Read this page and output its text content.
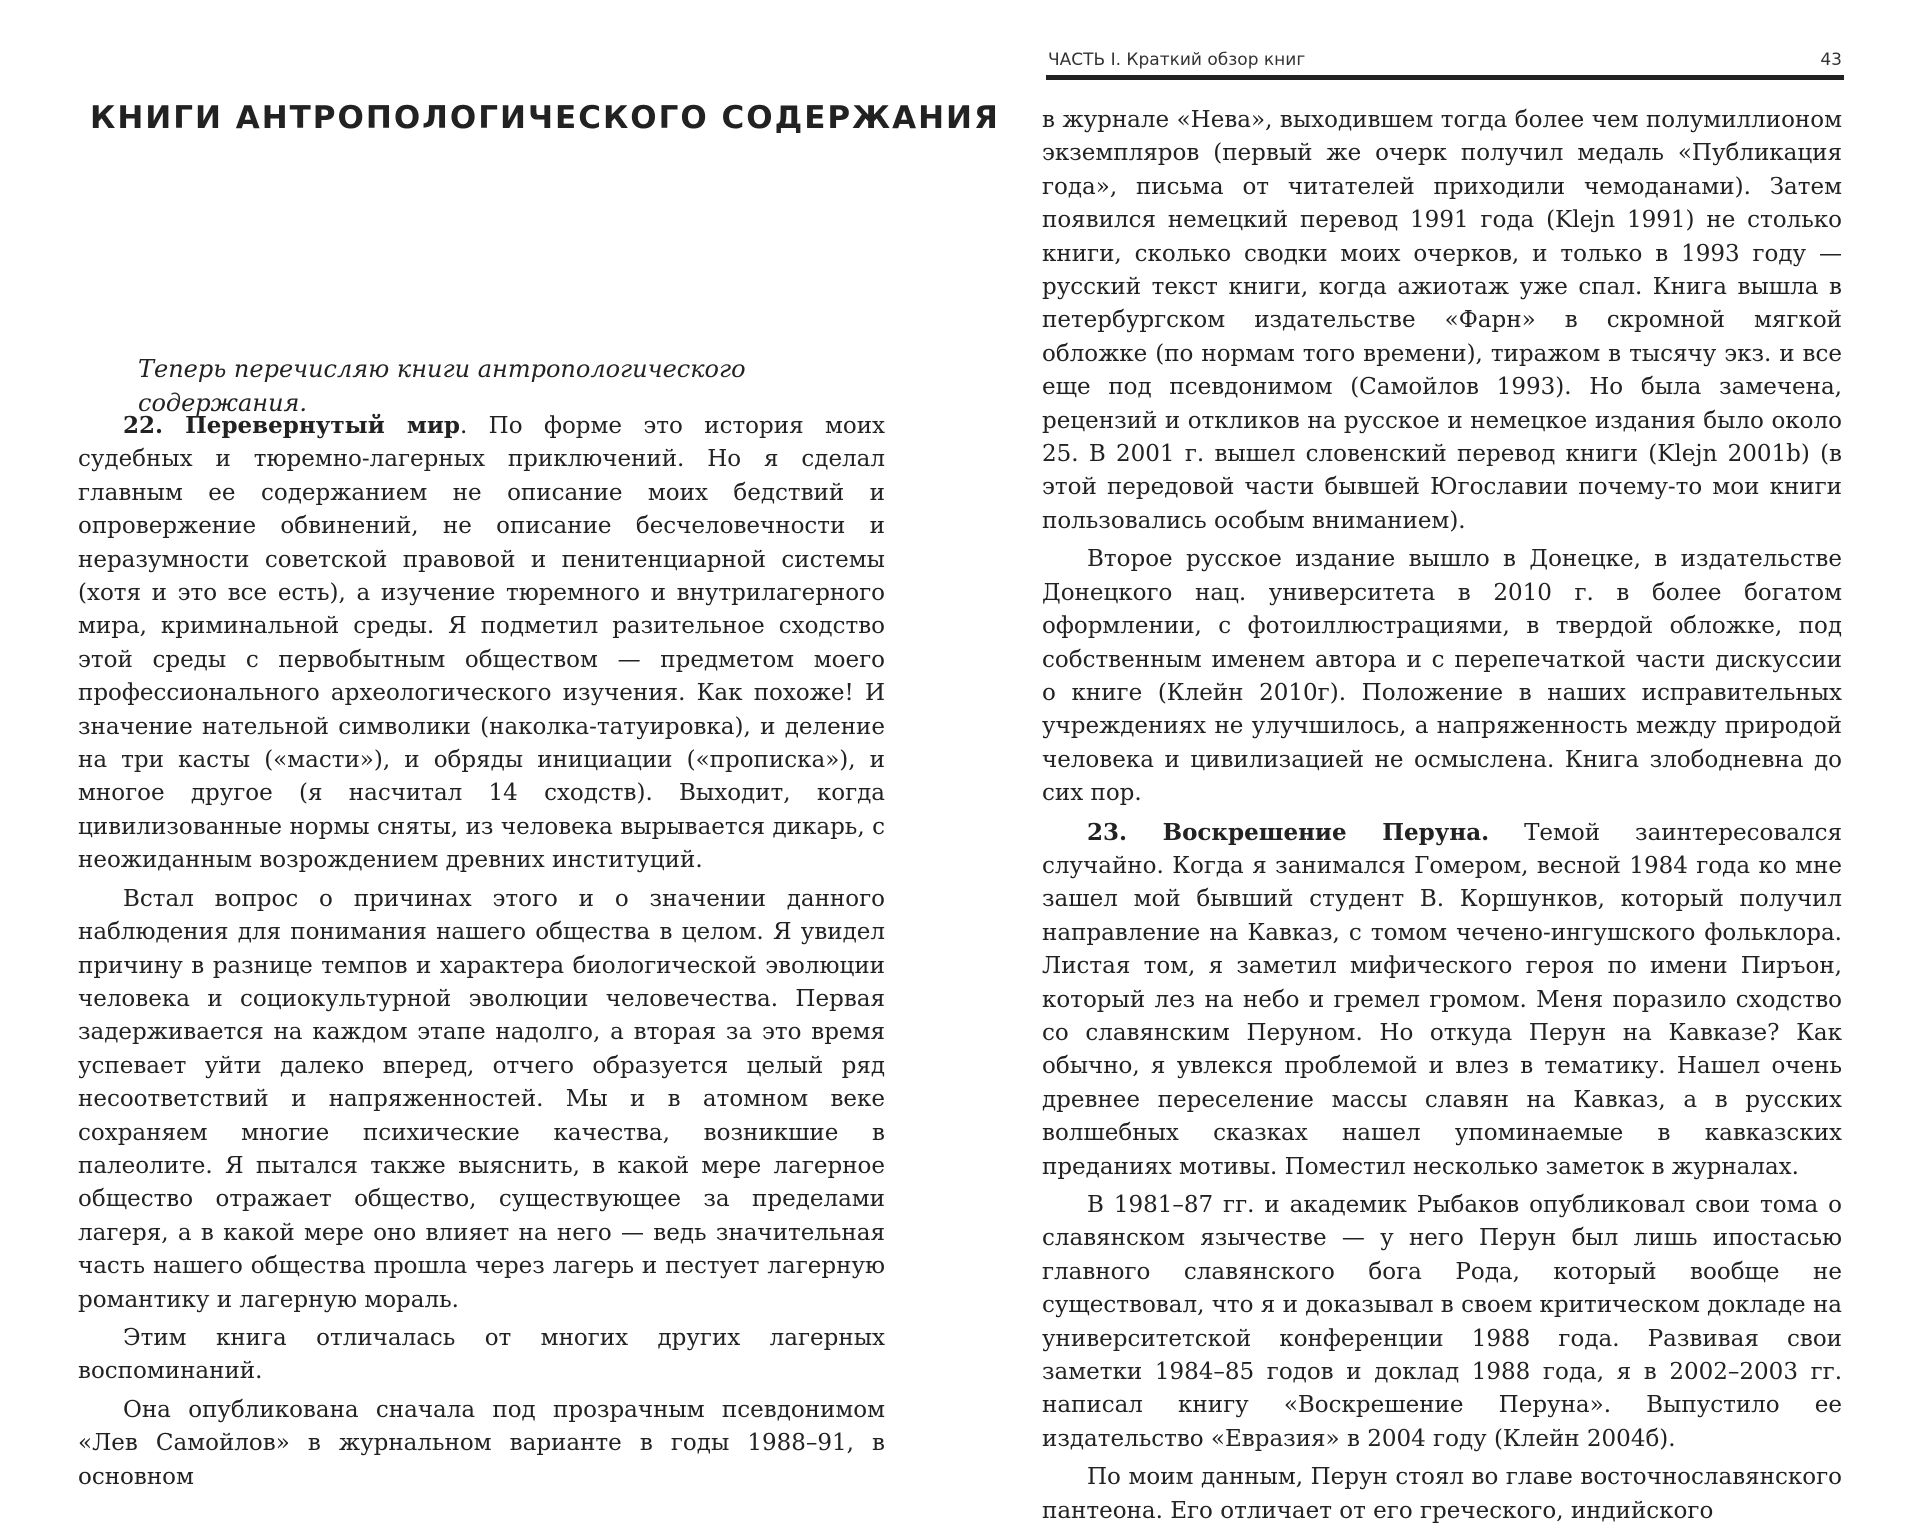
КНИГИ АНТРОПОЛОГИЧЕСКОГО СОДЕРЖАНИЯ

Теперь перечисляю книги антропологического содержания.

22. Перевернутый мир. По форме это история моих судебных и тюремно-лагерных приключений. Но я сделал главным ее содержанием не описание моих бедствий и опровержение обвинений, не описание бесчеловечности и неразумности советской правовой и пенитенциарной системы (хотя и это все есть), а изучение тюремного и внутрилагерного мира, криминальной среды. Я подметил разительное сходство этой среды с первобытным обществом — предметом моего профессионального археологического изучения. Как похоже! И значение нательной символики (наколка-татуировка), и деление на три касты («масти»), и обряды инициации («прописка»), и многое другое (я насчитал 14 сходств). Выходит, когда цивилизованные нормы сняты, из человека вырывается дикарь, с неожиданным возрождением древних институций.

Встал вопрос о причинах этого и о значении данного наблюдения для понимания нашего общества в целом. Я увидел причину в разнице темпов и характера биологической эволюции человека и социокультурной эволюции человечества. Первая задерживается на каждом этапе надолго, а вторая за это время успевает уйти далеко вперед, отчего образуется целый ряд несоответствий и напряженностей. Мы и в атомном веке сохраняем многие психические качества, возникшие в палеолите. Я пытался также выяснить, в какой мере лагерное общество отражает общество, существующее за пределами лагеря, а в какой мере оно влияет на него — ведь значительная часть нашего общества прошла через лагерь и пестует лагерную романтику и лагерную мораль.

Этим книга отличалась от многих других лагерных воспоминаний.

Она опубликована сначала под прозрачным псевдонимом «Лев Самойлов» в журнальном варианте в годы 1988–91, в основном

ЧАСТЬ I. Краткий обзор книг	43

в журнале «Нева», выходившем тогда более чем полумиллионом экземпляров (первый же очерк получил медаль «Публикация года», письма от читателей приходили чемоданами). Затем появился немецкий перевод 1991 года (Klejn 1991) не столько книги, сколько сводки моих очерков, и только в 1993 году — русский текст книги, когда ажиотаж уже спал. Книга вышла в петербургском издательстве «Фарн» в скромной мягкой обложке (по нормам того времени), тиражом в тысячу экз. и все еще под псевдонимом (Самойлов 1993). Но была замечена, рецензий и откликов на русское и немецкое издания было около 25. В 2001 г. вышел словенский перевод книги (Klejn 2001b) (в этой передовой части бывшей Югославии почему-то мои книги пользовались особым вниманием).

Второе русское издание вышло в Донецке, в издательстве Донецкого нац. университета в 2010 г. в более богатом оформлении, с фотоиллюстрациями, в твердой обложке, под собственным именем автора и с перепечаткой части дискуссии о книге (Клейн 2010г). Положение в наших исправительных учреждениях не улучшилось, а напряженность между природой человека и цивилизацией не осмыслена. Книга злободневна до сих пор.

23. Воскрешение Перуна. Темой заинтересовался случайно. Когда я занимался Гомером, весной 1984 года ко мне зашел мой бывший студент В. Коршунков, который получил направление на Кавказ, с томом чечено-ингушского фольклора. Листая том, я заметил мифического героя по имени Пиръон, который лез на небо и гремел громом. Меня поразило сходство со славянским Перуном. Но откуда Перун на Кавказе? Как обычно, я увлекся проблемой и влез в тематику. Нашел очень древнее переселение массы славян на Кавказ, а в русских волшебных сказках нашел упоминаемые в кавказских преданиях мотивы. Поместил несколько заметок в журналах.

В 1981–87 гг. и академик Рыбаков опубликовал свои тома о славянском язычестве — у него Перун был лишь ипостасью главного славянского бога Рода, который вообще не существовал, что я и доказывал в своем критическом докладе на университетской конференции 1988 года. Развивая свои заметки 1984–85 годов и доклад 1988 года, я в 2002–2003 гг. написал книгу «Воскрешение Перуна». Выпустило ее издательство «Евразия» в 2004 году (Клейн 2004б).

По моим данным, Перун стоял во главе восточнославянского пантеона. Его отличает от его греческого, индийского
